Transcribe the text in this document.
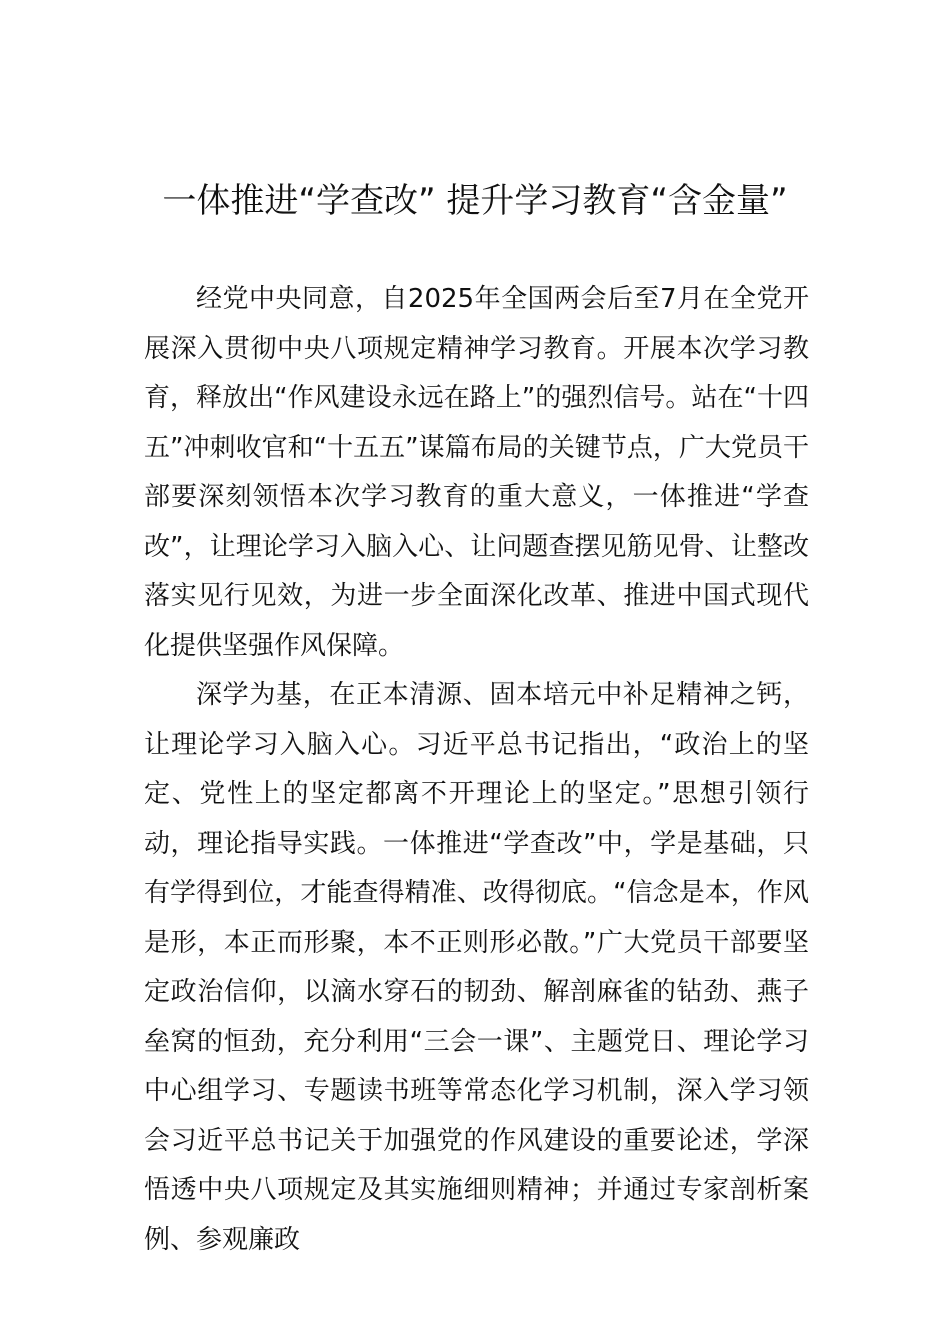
一体推进“学查改” 提升学习教育“含金量”

经党中央同意，自2025年全国两会后至7月在全党开展深入贯彻中央八项规定精神学习教育。开展本次学习教育，释放出“作风建设永远在路上”的强烈信号。站在“十四五”冲刺收官和“十五五”谋篇布局的关键节点，广大党员干部要深刻领悟本次学习教育的重大意义，一体推进“学查改”，让理论学习入脑入心、让问题查摆见筋见骨、让整改落实见行见效，为进一步全面深化改革、推进中国式现代化提供坚强作风保障。

深学为基，在正本清源、固本培元中补足精神之钙，让理论学习入脑入心。习近平总书记指出，“政治上的坚定、党性上的坚定都离不开理论上的坚定。”思想引领行动，理论指导实践。一体推进“学查改”中，学是基础，只有学得到位，才能查得精准、改得彻底。“信念是本，作风是形，本正而形聚，本不正则形必散。”广大党员干部要坚定政治信仰，以滴水穿石的韧劲、解剖麻雀的钻劲、燕子垒窝的恒劲，充分利用“三会一课”、主题党日、理论学习中心组学习、专题读书班等常态化学习机制，深入学习领会习近平总书记关于加强党的作风建设的重要论述，学深悟透中央八项规定及其实施细则精神；并通过专家剖析案例、参观廉政
